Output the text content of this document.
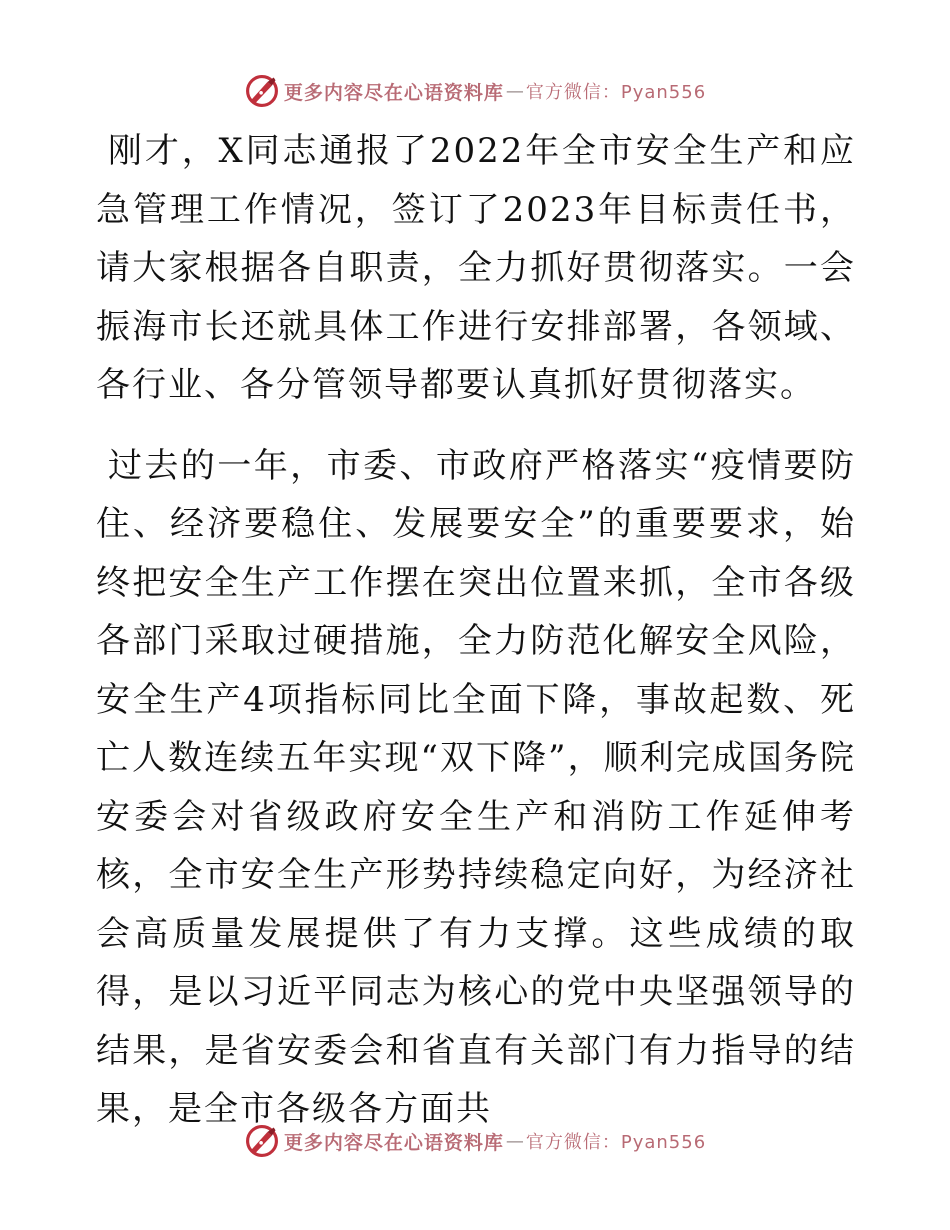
更多内容尽在心语资料库 — 官方微信：Pyan556

刚才，X同志通报了2022年全市安全生产和应急管理工作情况，签订了2023年目标责任书，请大家根据各自职责，全力抓好贯彻落实。一会振海市长还就具体工作进行安排部署，各领域、各行业、各分管领导都要认真抓好贯彻落实。

过去的一年，市委、市政府严格落实“疫情要防住、经济要稳住、发展要安全”的重要要求，始终把安全生产工作摆在突出位置来抓，全市各级各部门采取过硬措施，全力防范化解安全风险，安全生产4项指标同比全面下降，事故起数、死亡人数连续五年实现“双下降”，顺利完成国务院安委会对省级政府安全生产和消防工作延伸考核，全市安全生产形势持续稳定向好，为经济社会高质量发展提供了有力支撑。这些成绩的取得，是以习近平同志为核心的党中央坚强领导的结果，是省安委会和省直有关部门有力指导的结果，是全市各级各方面共

更多内容尽在心语资料库 — 官方微信：Pyan556
